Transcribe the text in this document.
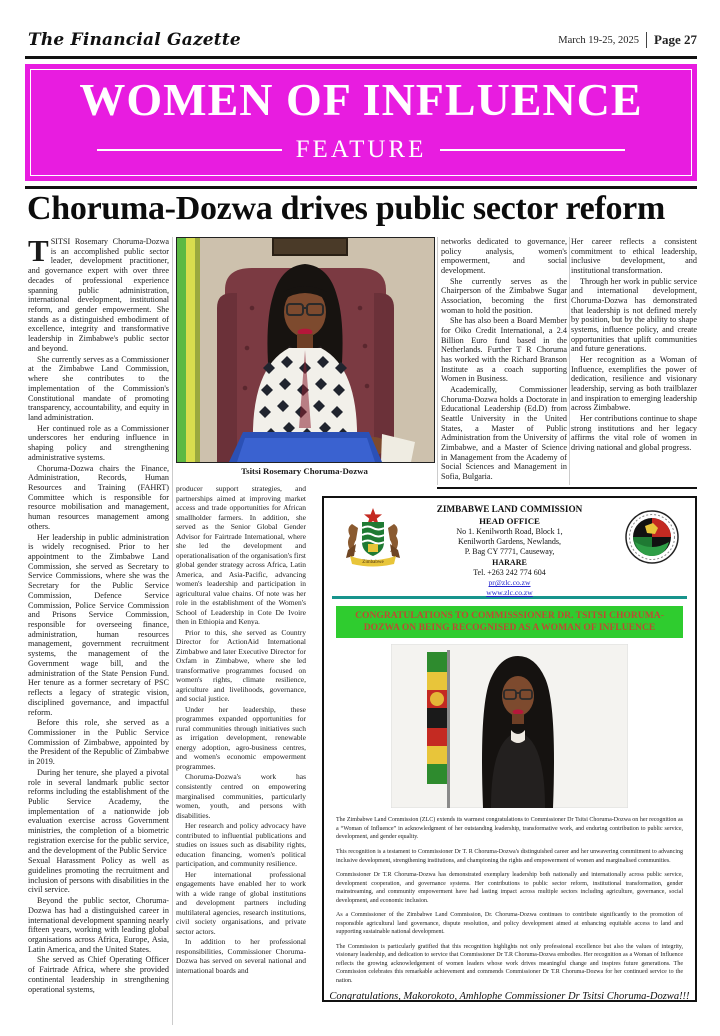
The Financial Gazette	March 19-25, 2025	Page 27
WOMEN OF INFLUENCE
FEATURE
Choruma-Dozwa drives public sector reform

TSITSI Rosemary Choruma-Dozwa is an accomplished public sector leader, development practitioner, and governance expert with over three decades of professional experience spanning public administration, international development, institutional reform, and gender empowerment. She stands as a distinguished embodiment of excellence, integrity and transformative leadership in Zimbabwe's public sector and beyond.

She currently serves as a Commissioner at the Zimbabwe Land Commission, where she contributes to the implementation of the Commission's Constitutional mandate of promoting transparency, accountability, and equity in land administration.

Her continued role as a Commissioner underscores her enduring influence in shaping policy and strengthening administrative systems.

Choruma-Dozwa chairs the Finance, Administration, Records, Human Resources and Training (FAHRT) Committee which is responsible for resource mobilisation and management, human resources management among others.

Her leadership in public administration is widely recognised. Prior to her appointment to the Zimbabwe Land Commission, she served as Secretary to Service Commissions, where she was the Secretary for the Public Service Commission, Defence Service Commission, Police Service Commission and Prisons Service Commission, responsible for overseeing finance, administration, human resources management, government recruitment systems, the management of the Government wage bill, and the administration of the State Pension Fund. Her tenure as a former secretary of PSC reflects a legacy of strategic vision, disciplined governance, and impactful reform.

Before this role, she served as a Commissioner in the Public Service Commission of Zimbabwe, appointed by the President of the Republic of Zimbabwe in 2019.

During her tenure, she played a pivotal role in several landmark public sector reforms including the establishment of the Public Service Academy, the implementation of a nationwide job evaluation exercise across Government ministries, the completion of a biometric registration exercise for the public service, and the development of the Public Service

Sexual Harassment Policy as well as guidelines promoting the recruitment and inclusion of persons with disabilities in the civil service.

Beyond the public sector, Choruma-Dozwa has had a distinguished career in international development spanning nearly fifteen years, working with leading global organisations across Africa, Europe, Asia, Latin America, and the United States.

She served as Chief Operating Officer of Fairtrade Africa, where she provided continental leadership in strengthening operational systems,

Tsitsi Rosemary Choruma-Dozwa

producer support strategies, and partnerships aimed at improving market access and trade opportunities for African smallholder farmers. In addition, she served as the Senior Global Gender Advisor for Fairtrade International, where she led the development and operationalisation of the organisation's first global gender strategy across Africa, Latin America, and Asia-Pacific, advancing women's leadership and participation in agricultural value chains. Of note was her role in the establishment of the Women's School of Leadership in Cote De Ivoire then in Ethiopia and Kenya.

Prior to this, she served as Country Director for ActionAid International Zimbabwe and later Executive Director for Oxfam in Zimbabwe, where she led transformative programmes focused on women's rights, climate resilience, agriculture and livelihoods, governance, and social justice.

Under her leadership, these programmes expanded opportunities for rural communities through initiatives such as irrigation development, renewable energy adoption, agro-business centres, and women's economic empowerment programmes.

Choruma-Dozwa's work has consistently centred on empowering marginalised communities, particularly women, youth, and persons with disabilities.

Her research and policy advocacy have contributed to influential publications and studies on issues such as disability rights, education financing, women's political participation, and community resilience.

Her international professional engagements have enabled her to work with a wide range of global institutions and development partners including multilateral agencies, research institutions, civil society organisations, and private sector actors.

In addition to her professional responsibilities, Commissioner Choruma-Dozwa has served on several national and international boards and

networks dedicated to governance, policy analysis, women's empowerment, and social development.

She currently serves as the Chairperson of the Zimbabwe Sugar Association, becoming the first woman to hold the position.

She has also been a Board Member for Oiko Credit International, a 2.4 Billion Euro fund based in the Netherlands. Further T R Choruma has worked with the Richard Branson Institute as a coach supporting Women in Business.

Academically, Commissioner Choruma-Dozwa holds a Doctorate in Educational Leadership (Ed.D) from Seattle University in the United States, a Master of Public Administration from the University of Zimbabwe, and a Master of Science in Management from the Academy of Social Sciences and Management in Sofia, Bulgaria.

Her career reflects a consistent commitment to ethical leadership, inclusive development, and institutional transformation.

Through her work in public service and international development, Choruma-Dozwa has demonstrated that leadership is not defined merely by position, but by the ability to shape systems, influence policy, and create opportunities that uplift communities and future generations.

Her recognition as a Woman of Influence, exemplifies the power of dedication, resilience and visionary leadership, serving as both trailblazer and inspiration to emerging leadership across Zimbabwe.

Her contributions continue to shape strong institutions and her legacy affirms the vital role of women in driving national and global progress.

Zimbabwe
ZIMBABWE LAND COMMISSION
HEAD OFFICE
No 1. Kenilworth Road, Block 1,
Kenilworth Gardens, Newlands,
P. Bag CY 7771, Causeway,
HARARE
Tel. +263 242 774 604
pr@zlc.co.zw
www.zlc.co.zw
CONGRATULATIONS TO COMMISSSIONER DR. TSITSI CHORUMA-DOZWA ON BEING RECOGNISED AS A WOMAN OF INFLUENCE

The Zimbabwe Land Commission (ZLC) extends its warmest congratulations to Commissioner Dr Tsitsi Choruma-Dozwa on her recognition as a “Woman of Influence” in acknowledgment of her outstanding leadership, transformative work, and enduring contribution to public service, development, and gender equality.

This recognition is a testament to Commissioner Dr T. R Choruma-Dozwa's distinguished career and her unwavering commitment to advancing inclusive development, strengthening institutions, and championing the rights and empowerment of women and marginalised communities.

Commissioner Dr T.R Choruma-Dozwa has demonstrated exemplary leadership both nationally and internationally across public service, development cooperation, and governance systems. Her contributions to public sector reform, institutional transformation, gender mainstreaming, and community empowerment have had lasting impact across multiple sectors including agriculture, governance, social development, and economic inclusion.

As a Commissioner of the Zimbabwe Land Commission, Dr. Choruma-Dozwa continues to contribute significantly to the promotion of responsible agricultural land governance, dispute resolution, and policy development aimed at enhancing equitable access to land and supporting sustainable national development.

The Commission is particularly gratified that this recognition highlights not only professional excellence but also the values of integrity, visionary leadership, and dedication to service that Commissioner Dr T.R Choruma-Dozwa embodies. Her recognition as a Woman of Influence reflects the growing acknowledgement of women leaders whose work drives meaningful change and inspires future generations. The Commission celebrates this remarkable achievement and commends Commissioner Dr T.R Choruma-Dozwa for her continued service to the nation.

Congratulations, Makorokoto, Amhlophe Commissioner Dr Tsitsi Choruma-Dozwa!!!
